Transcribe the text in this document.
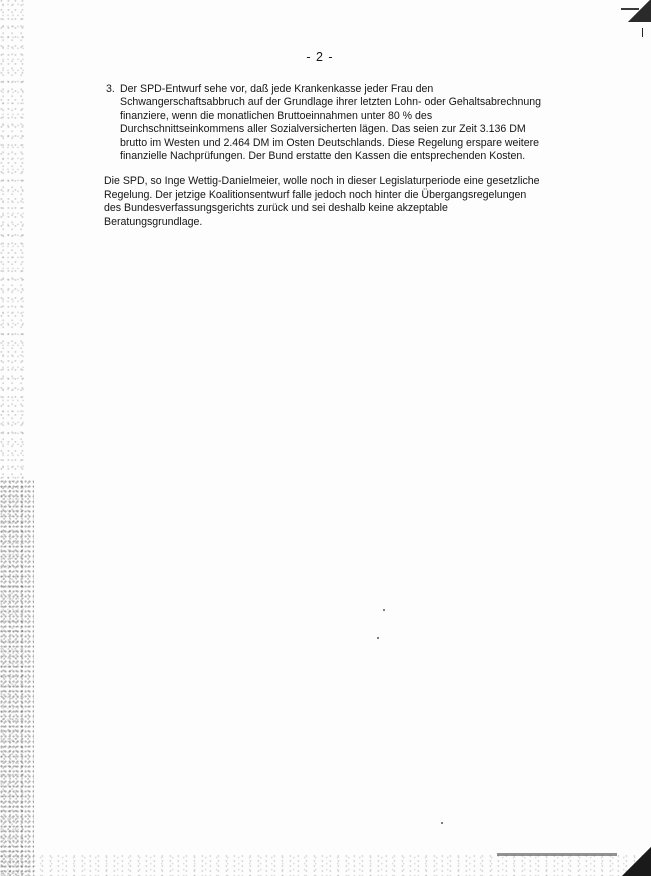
- 2 -
3. Der SPD-Entwurf sehe vor, daß jede Krankenkasse jeder Frau den Schwangerschaftsabbruch auf der Grundlage ihrer letzten Lohn- oder Gehaltsabrechnung finanziere, wenn die monatlichen Bruttoeinnahmen unter 80 % des Durchschnittseinkommens aller Sozialversicherten lägen. Das seien zur Zeit 3.136 DM brutto im Westen und 2.464 DM im Osten Deutschlands. Diese Regelung erspare weitere finanzielle Nachprüfungen. Der Bund erstatte den Kassen die entsprechenden Kosten.

Die SPD, so Inge Wettig-Danielmeier, wolle noch in dieser Legislaturperiode eine gesetzliche Regelung. Der jetzige Koalitionsentwurf falle jedoch noch hinter die Übergangsregelungen des Bundesverfassungsgerichts zurück und sei deshalb keine akzeptable Beratungsgrundlage.
